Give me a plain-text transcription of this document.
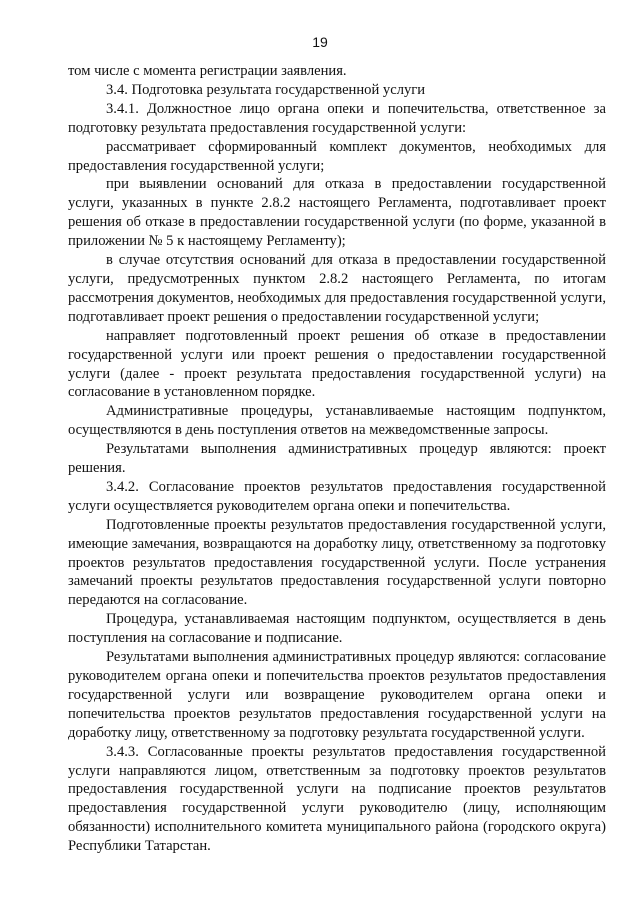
19

том числе с момента регистрации заявления.

3.4. Подготовка результата государственной услуги

3.4.1. Должностное лицо органа опеки и попечительства, ответственное за подготовку результата предоставления государственной услуги:

рассматривает сформированный комплект документов, необходимых для предоставления государственной услуги;

при выявлении оснований для отказа в предоставлении государственной услуги, указанных в пункте 2.8.2 настоящего Регламента, подготавливает проект решения об отказе в предоставлении государственной услуги (по форме, указанной в приложении № 5 к настоящему Регламенту);

в случае отсутствия оснований для отказа в предоставлении государственной услуги, предусмотренных пунктом 2.8.2 настоящего Регламента, по итогам рассмотрения документов, необходимых для предоставления государственной услуги, подготавливает проект решения о предоставлении государственной услуги;

направляет подготовленный проект решения об отказе в предоставлении государственной услуги или проект решения о предоставлении государственной услуги (далее - проект результата предоставления государственной услуги) на согласование в установленном порядке.

Административные процедуры, устанавливаемые настоящим подпунктом, осуществляются в день поступления ответов на межведомственные запросы.

Результатами выполнения административных процедур являются: проект решения.

3.4.2. Согласование проектов результатов предоставления государственной услуги осуществляется руководителем органа опеки и попечительства.

Подготовленные проекты результатов предоставления государственной услуги, имеющие замечания, возвращаются на доработку лицу, ответственному за подготовку проектов результатов предоставления государственной услуги. После устранения замечаний проекты результатов предоставления государственной услуги повторно передаются на согласование.

Процедура, устанавливаемая настоящим подпунктом, осуществляется в день поступления на согласование и подписание.

Результатами выполнения административных процедур являются: согласование руководителем органа опеки и попечительства проектов результатов предоставления государственной услуги или возвращение руководителем органа опеки и попечительства проектов результатов предоставления государственной услуги на доработку лицу, ответственному за подготовку результата государственной услуги.

3.4.3. Согласованные проекты результатов предоставления государственной услуги направляются лицом, ответственным за подготовку проектов результатов предоставления государственной услуги на подписание проектов результатов предоставления государственной услуги руководителю (лицу, исполняющим обязанности) исполнительного комитета муниципального района (городского округа) Республики Татарстан.
